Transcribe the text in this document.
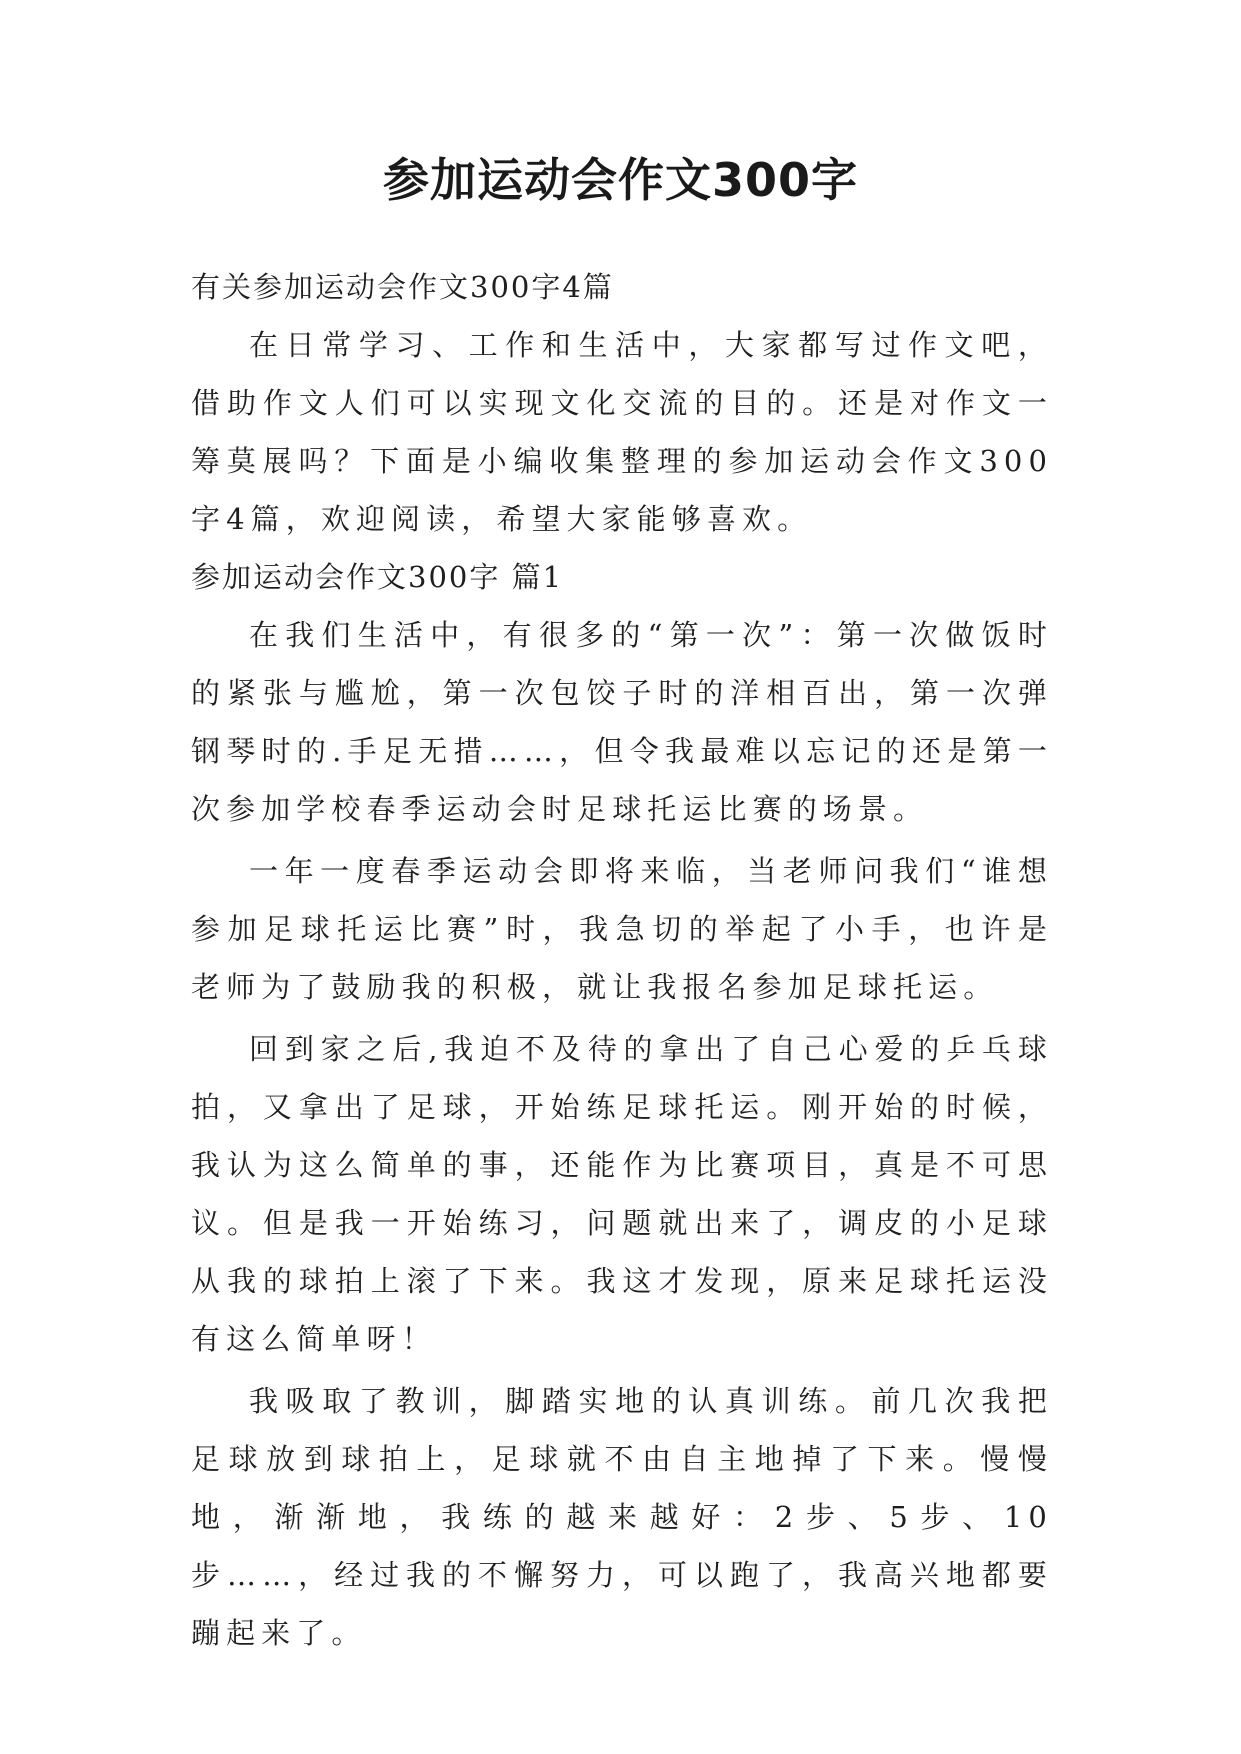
参加运动会作文300字

有关参加运动会作文300字4篇

在日常学习、工作和生活中，大家都写过作文吧，借助作文人们可以实现文化交流的目的。还是对作文一筹莫展吗？下面是小编收集整理的参加运动会作文300字4篇，欢迎阅读，希望大家能够喜欢。

参加运动会作文300字 篇1

在我们生活中，有很多的“第一次”：第一次做饭时的紧张与尴尬，第一次包饺子时的洋相百出，第一次弹钢琴时的.手足无措……，但令我最难以忘记的还是第一次参加学校春季运动会时足球托运比赛的场景。

一年一度春季运动会即将来临，当老师问我们“谁想参加足球托运比赛”时，我急切的举起了小手，也许是老师为了鼓励我的积极，就让我报名参加足球托运。

回到家之后,我迫不及待的拿出了自己心爱的乒乓球拍，又拿出了足球，开始练足球托运。刚开始的时候，我认为这么简单的事，还能作为比赛项目，真是不可思议。但是我一开始练习，问题就出来了，调皮的小足球从我的球拍上滚了下来。我这才发现，原来足球托运没有这么简单呀！

我吸取了教训，脚踏实地的认真训练。前几次我把足球放到球拍上，足球就不由自主地掉了下来。慢慢地，渐渐地，我练的越来越好：2步、5步、10步……，经过我的不懈努力，可以跑了，我高兴地都要蹦起来了。
